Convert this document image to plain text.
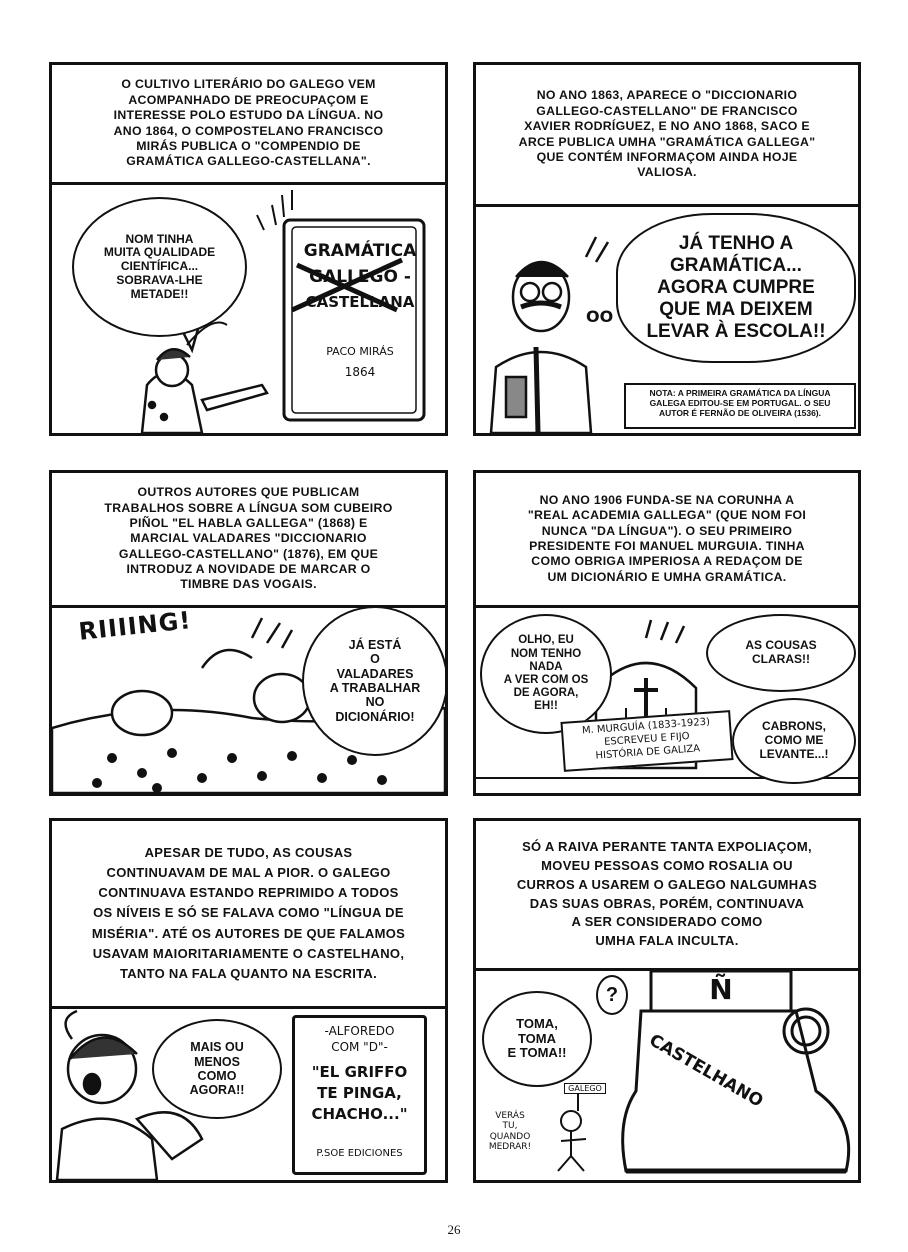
O CULTIVO LITERÁRIO DO GALEGO VEM
ACOMPANHADO DE PREOCUPAÇOM E
INTERESSE POLO ESTUDO DA LÍNGUA. NO
ANO 1864, O COMPOSTELANO FRANCISCO
MIRÁS PUBLICA O "COMPENDIO DE
GRAMÁTICA GALLEGO-CASTELLANA".
NOM TINHA
MUITA QUALIDADE
CIENTÍFICA...
SOBRAVA-LHE
METADE!!
GRAMÁTICA
GALLEGO -
CASTELLANA
PACO MIRÁS
1864
NO ANO 1863, APARECE O "DICCIONARIO
GALLEGO-CASTELLANO" DE FRANCISCO
XAVIER RODRÍGUEZ, E NO ANO 1868, SACO E
ARCE PUBLICA UMHA "GRAMÁTICA GALLEGA"
QUE CONTÉM INFORMAÇOM AINDA HOJE
VALIOSA.
OO
JÁ TENHO A
GRAMÁTICA...
AGORA CUMPRE
QUE MA DEIXEM
LEVAR À ESCOLA!!
NOTA: A PRIMEIRA GRAMÁTICA DA LÍNGUA
GALEGA EDITOU-SE EM PORTUGAL. O SEU
AUTOR É FERNÃO DE OLIVEIRA (1536).
OUTROS AUTORES QUE PUBLICAM
TRABALHOS SOBRE A LÍNGUA SOM CUBEIRO
PIÑOL "EL HABLA GALLEGA" (1868) E
MARCIAL VALADARES "DICCIONARIO
GALLEGO-CASTELLANO" (1876), EM QUE
INTRODUZ A NOVIDADE DE MARCAR O
TIMBRE DAS VOGAIS.
RIIIING!	JÁ ESTÁ
O
VALADARES
A TRABALHAR
NO
DICIONÁRIO!
NO ANO 1906 FUNDA-SE NA CORUNHA A
"REAL ACADEMIA GALLEGA" (QUE NOM FOI
NUNCA "DA LÍNGUA"). O SEU PRIMEIRO
PRESIDENTE FOI MANUEL MURGUIA. TINHA
COMO OBRIGA IMPERIOSA A REDAÇOM DE
UM DICIONÁRIO E UMHA GRAMÁTICA.
OLHO, EU
NOM TENHO
NADA
A VER COM OS
DE AGORA,
EH!!
AS COUSAS
CLARAS!!
CABRONS,
COMO ME
LEVANTE...!
M. MURGUÍA (1833-1923)
ESCREVEU E FIJO
HISTÓRIA DE GALIZA
APESAR DE TUDO, AS COUSAS
CONTINUAVAM DE MAL A PIOR. O GALEGO
CONTINUAVA ESTANDO REPRIMIDO A TODOS
OS NÍVEIS E SÓ SE FALAVA COMO "LÍNGUA DE
MISÉRIA". ATÉ OS AUTORES DE QUE FALAMOS
USAVAM MAIORITARIAMENTE O CASTELHANO,
TANTO NA FALA QUANTO NA ESCRITA.
MAIS OU
MENOS
COMO
AGORA!!
-ALFOREDO
COM "D"-
"EL GRIFFO
TE PINGA,
CHACHO..."
P.SOE EDICIONES
SÓ A RAIVA PERANTE TANTA EXPOLIAÇOM,
MOVEU PESSOAS COMO ROSALIA OU
CURROS A USAREM O GALEGO NALGUMHAS
DAS SUAS OBRAS, PORÉM, CONTINUAVA
A SER CONSIDERADO COMO
UMHA FALA INCULTA.
TOMA,
TOMA
E TOMA!!
?	Ñ
CASTELHANO
GALEGO
VERÁS
TU,
QUANDO
MEDRAR!
26
